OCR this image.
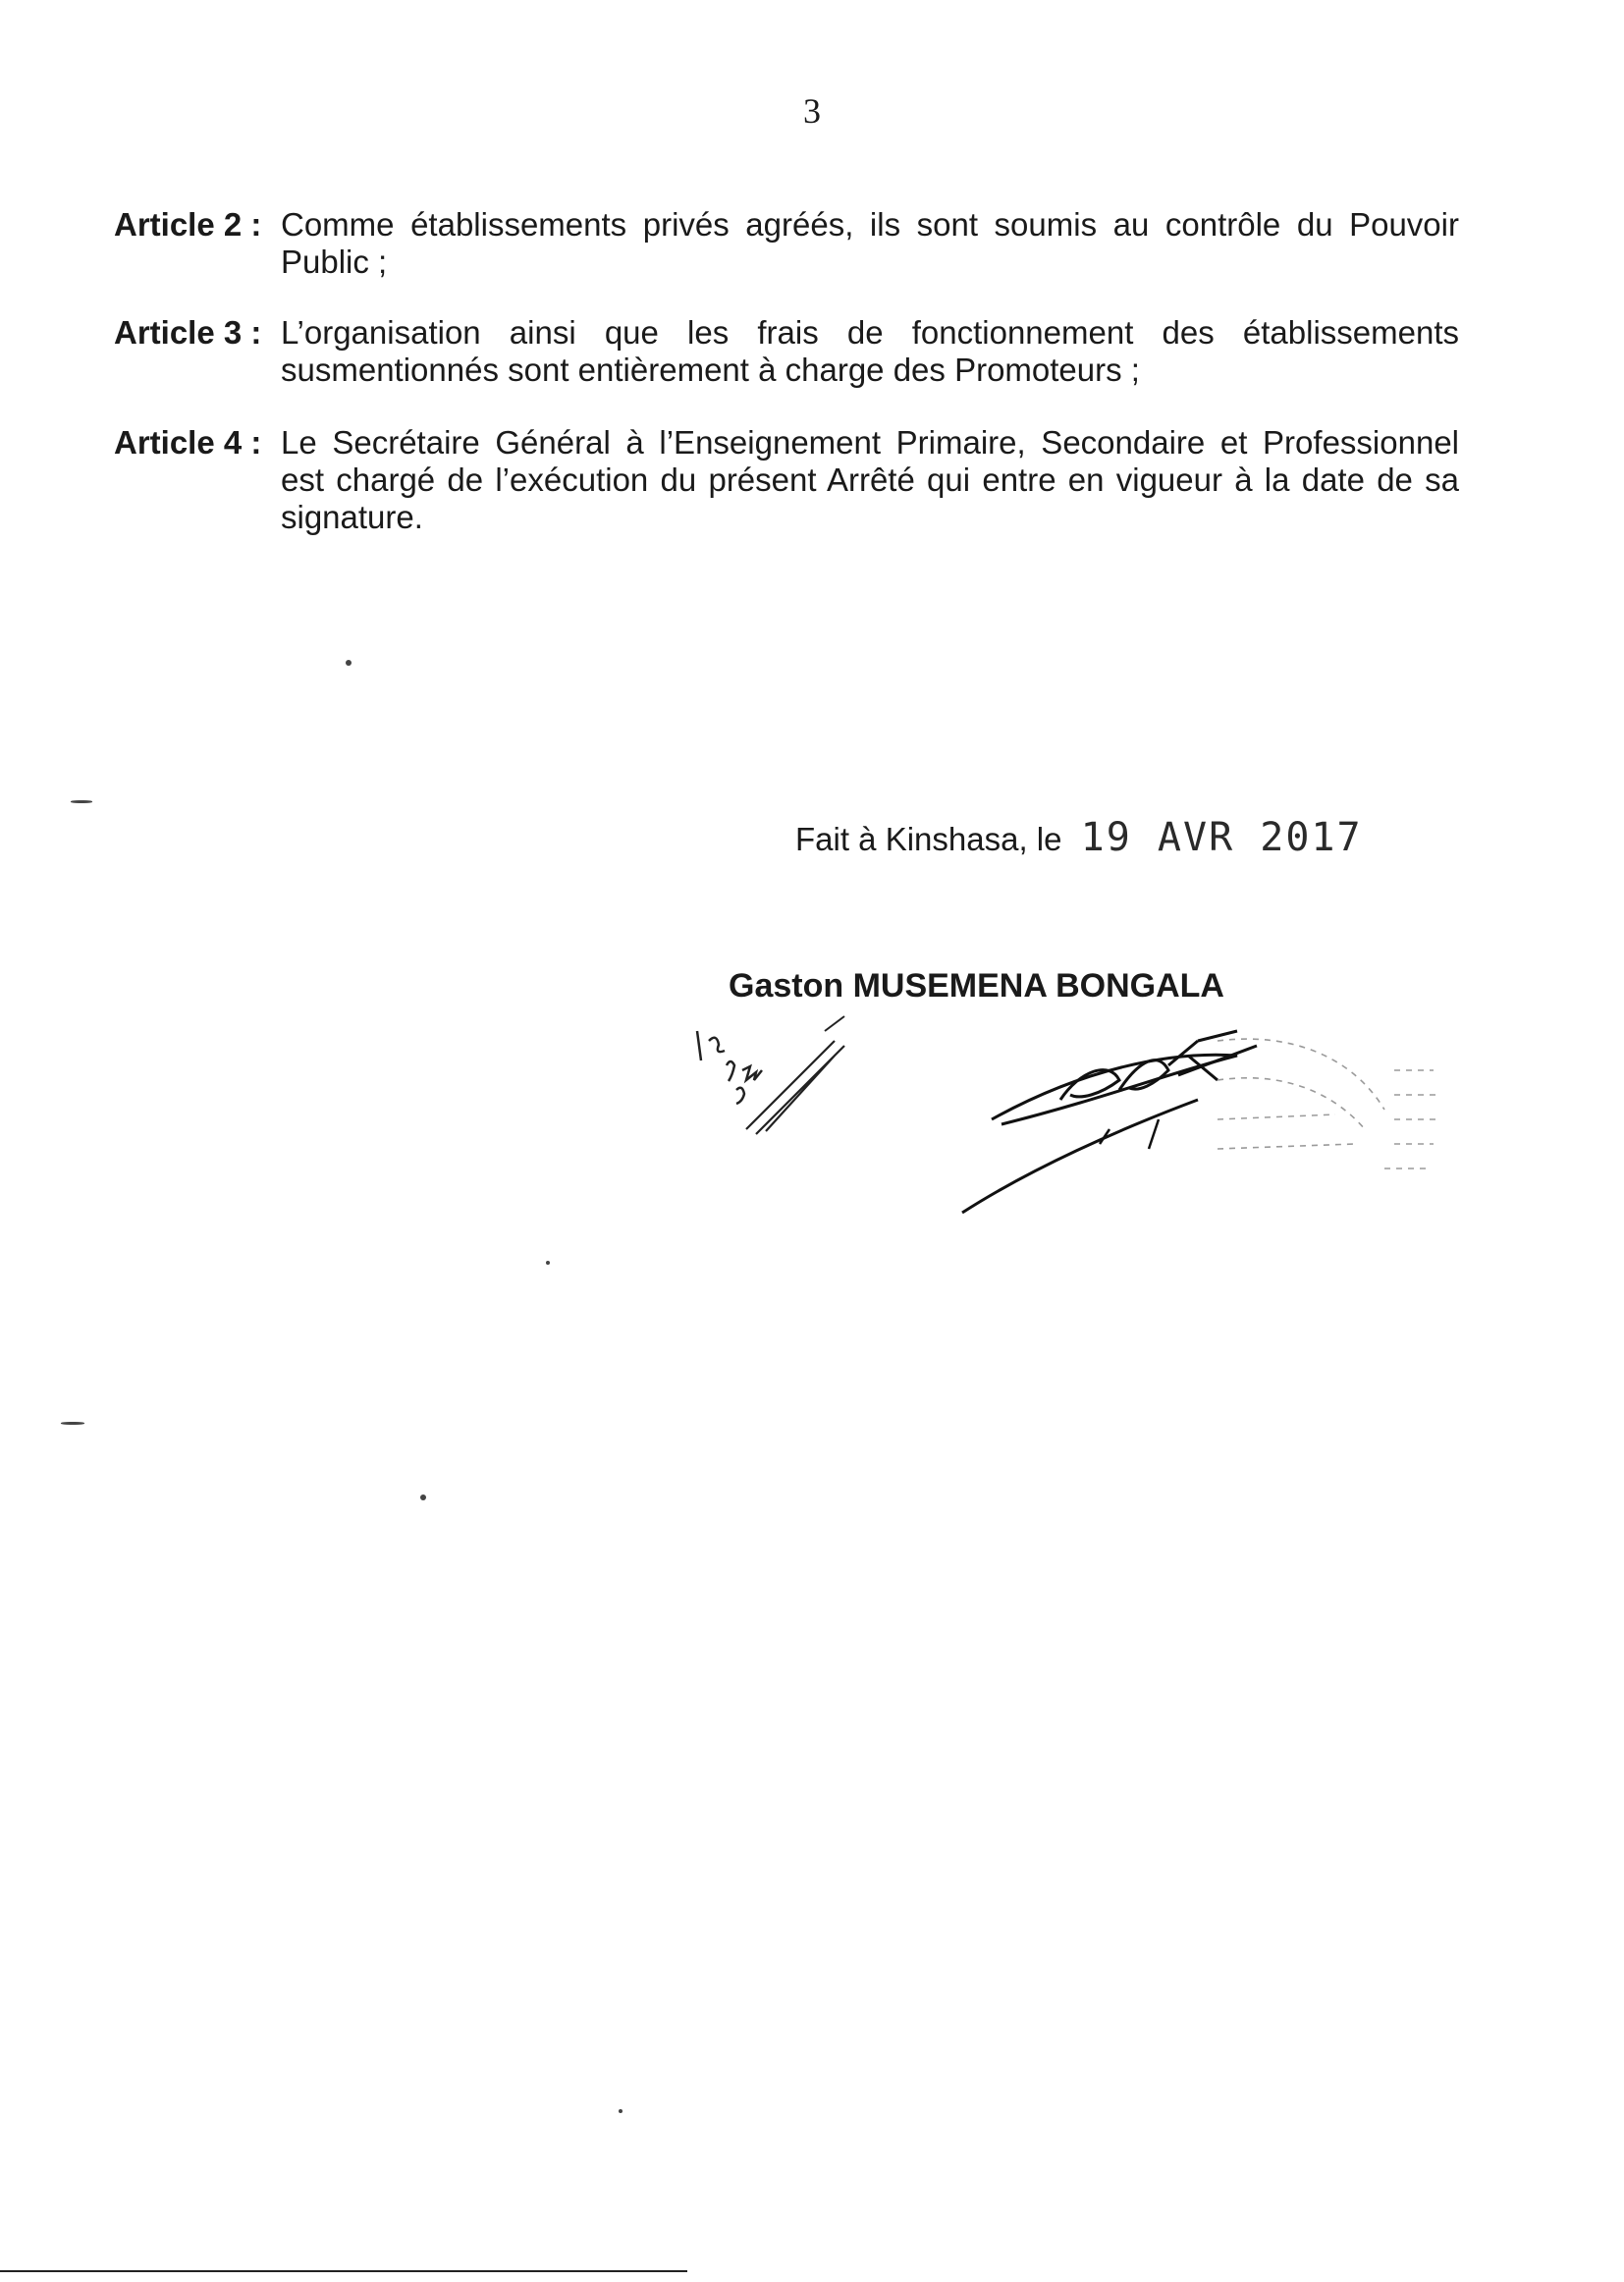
3
Article 2 : Comme établissements privés agréés, ils sont soumis au contrôle du Pouvoir Public ;
Article 3 : L’organisation ainsi que les frais de fonctionnement des établissements susmentionnés sont entièrement à charge des Promoteurs ;
Article 4 : Le Secrétaire Général à l’Enseignement Primaire, Secondaire et Professionnel est chargé de l’exécution du présent Arrêté qui entre en vigueur à la date de sa signature.
Fait à Kinshasa, le 19 AVR 2017
Gaston MUSEMENA BONGALA
